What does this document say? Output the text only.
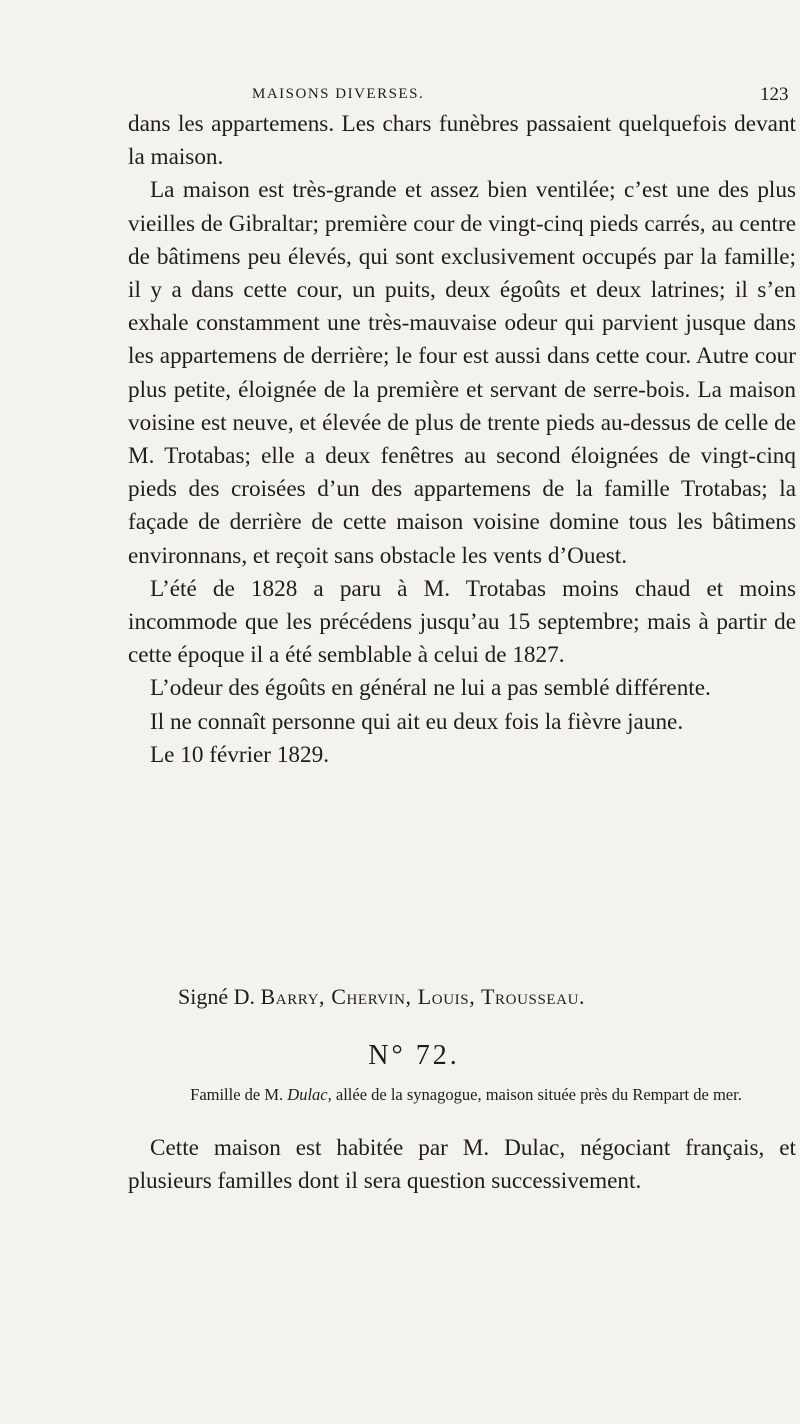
MAISONS DIVERSES.	123

dans les appartemens. Les chars funèbres passaient quelquefois devant la maison.

La maison est très-grande et assez bien ventilée; c’est une des plus vieilles de Gibraltar; première cour de vingt-cinq pieds carrés, au centre de bâtimens peu élevés, qui sont exclusivement occupés par la famille; il y a dans cette cour, un puits, deux égoûts et deux latrines; il s’en exhale constamment une très-mauvaise odeur qui parvient jusque dans les appartemens de derrière; le four est aussi dans cette cour. Autre cour plus petite, éloignée de la première et servant de serre-bois. La maison voisine est neuve, et élevée de plus de trente pieds au-dessus de celle de M. Trotabas; elle a deux fenêtres au second éloignées de vingt-cinq pieds des croisées d’un des appartemens de la famille Trotabas; la façade de derrière de cette maison voisine domine tous les bâtimens environnans, et reçoit sans obstacle les vents d’Ouest.

L’été de 1828 a paru à M. Trotabas moins chaud et moins incommode que les précédens jusqu’au 15 septembre; mais à partir de cette époque il a été semblable à celui de 1827.

L’odeur des égoûts en général ne lui a pas semblé différente.

Il ne connaît personne qui ait eu deux fois la fièvre jaune.

Le 10 février 1829.

Signé D. Barry, Chervin, Louis, Trousseau.
N° 72.
Famille de M. Dulac, allée de la synagogue, maison située près du Rempart de mer.

Cette maison est habitée par M. Dulac, négociant français, et plusieurs familles dont il sera question successivement.
